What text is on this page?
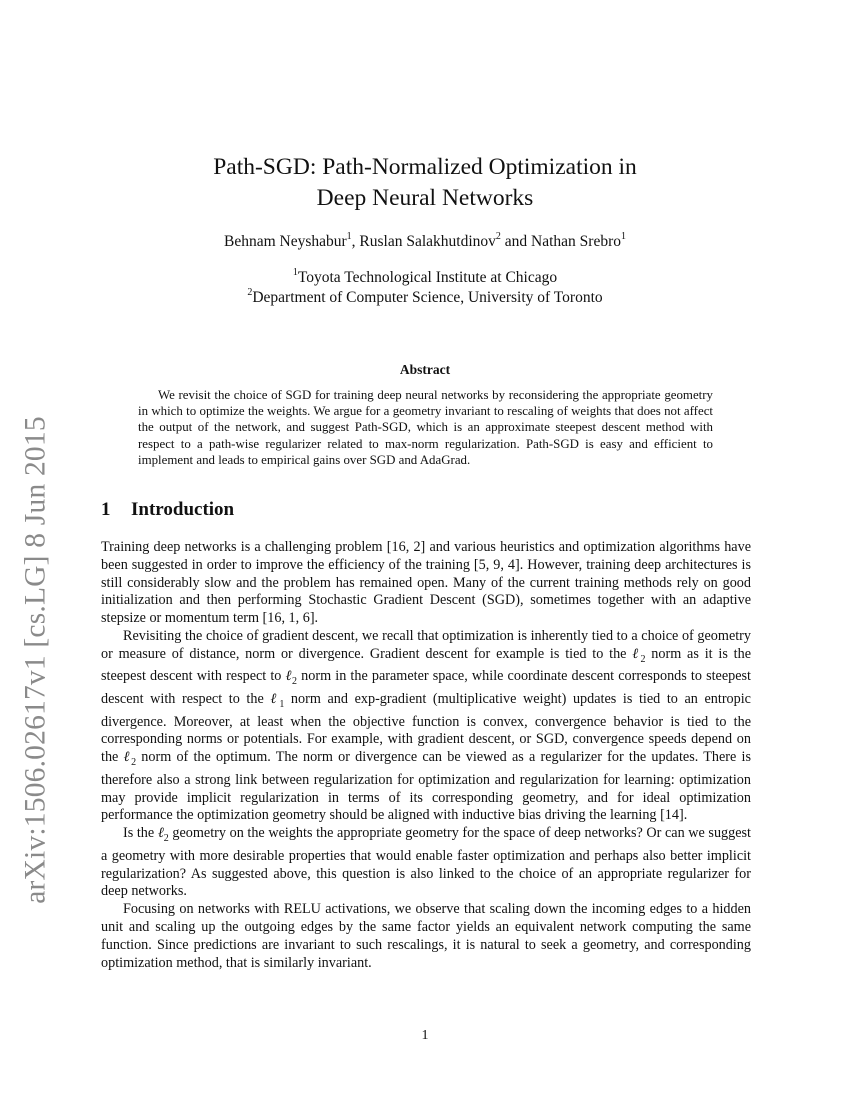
arXiv:1506.02617v1 [cs.LG] 8 Jun 2015
Path-SGD: Path-Normalized Optimization in
Deep Neural Networks
Behnam Neyshabur$^1$, Ruslan Salakhutdinov$^2$ and Nathan Srebro$^1$
$^1$Toyota Technological Institute at Chicago
$^2$Department of Computer Science, University of Toronto
Abstract

We revisit the choice of SGD for training deep neural networks by reconsidering the appropriate geometry in which to optimize the weights. We argue for a geometry invariant to rescaling of weights that does not affect the output of the network, and suggest Path-SGD, which is an approximate steepest descent method with respect to a path-wise regularizer related to max-norm regularization. Path-SGD is easy and efficient to implement and leads to empirical gains over SGD and AdaGrad.

1 Introduction

Training deep networks is a challenging problem [16, 2] and various heuristics and optimization algorithms have been suggested in order to improve the efficiency of the training [5, 9, 4]. However, training deep architectures is still considerably slow and the problem has remained open. Many of the current training methods rely on good initialization and then performing Stochastic Gradient Descent (SGD), sometimes together with an adaptive stepsize or momentum term [16, 1, 6].

Revisiting the choice of gradient descent, we recall that optimization is inherently tied to a choice of geometry or measure of distance, norm or divergence. Gradient descent for example is tied to the ℓ$_2$ norm as it is the steepest descent with respect to ℓ$_2$ norm in the parameter space, while coordinate descent corresponds to steepest descent with respect to the ℓ$_1$ norm and exp-gradient (multiplicative weight) updates is tied to an entropic divergence. Moreover, at least when the objective function is convex, convergence behavior is tied to the corresponding norms or potentials. For example, with gradient descent, or SGD, convergence speeds depend on the ℓ$_2$ norm of the optimum. The norm or divergence can be viewed as a regularizer for the updates. There is therefore also a strong link between regularization for optimization and regularization for learning: optimization may provide implicit regularization in terms of its corresponding geometry, and for ideal optimization performance the optimization geometry should be aligned with inductive bias driving the learning [14].

Is the ℓ$_2$ geometry on the weights the appropriate geometry for the space of deep networks? Or can we suggest a geometry with more desirable properties that would enable faster optimization and perhaps also better implicit regularization? As suggested above, this question is also linked to the choice of an appropriate regularizer for deep networks.

Focusing on networks with RELU activations, we observe that scaling down the incoming edges to a hidden unit and scaling up the outgoing edges by the same factor yields an equivalent network computing the same function. Since predictions are invariant to such rescalings, it is natural to seek a geometry, and corresponding optimization method, that is similarly invariant.

1
